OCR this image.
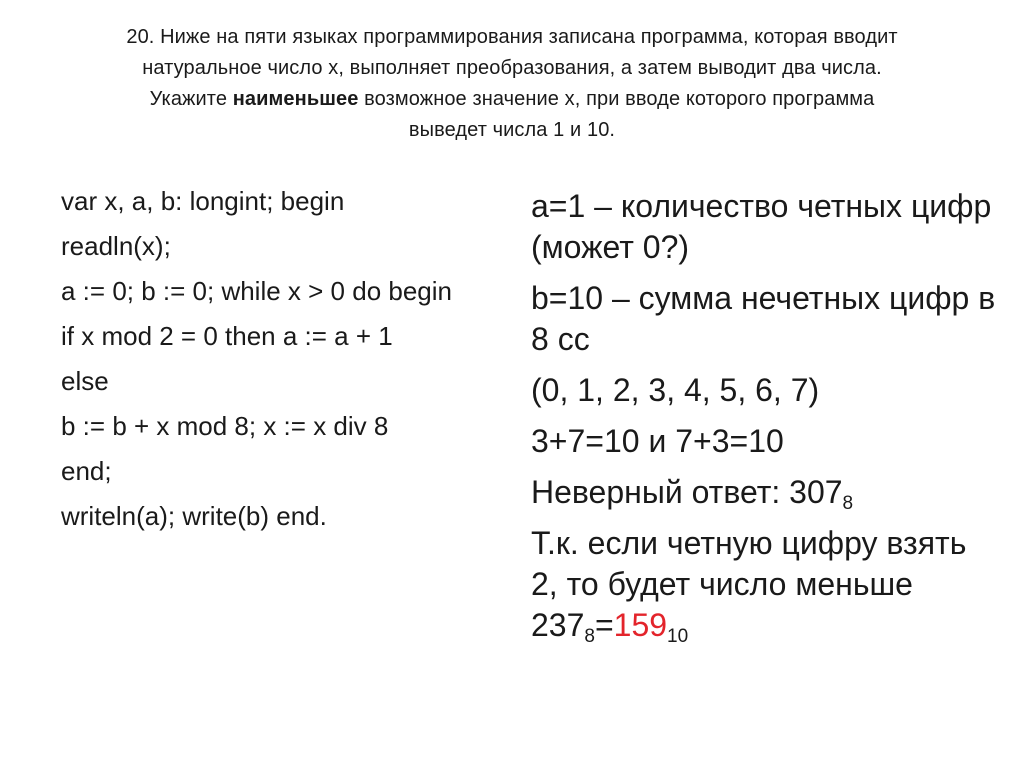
20. Ниже на пяти языках программирования записана программа, которая вводит
натуральное число x, выполняет преобразования, а затем выводит два числа.
Укажите наименьшее возможное значение x, при вводе которого программа
выведет числа 1 и 10.
var x, a, b: longint; begin
readln(x);
a := 0; b := 0; while x > 0 do begin
if x mod 2 = 0 then a := a + 1
else
b := b + x mod 8; x := x div 8
end;
writeln(a); write(b) end.
a=1 – количество четных цифр (может 0?)
b=10 – сумма нечетных цифр в 8 сс
(0, 1, 2, 3, 4, 5, 6, 7)
3+7=10 и 7+3=10
Неверный ответ: $307_8$
Т.к. если четную цифру взять 2, то будет число меньше $237_8=159_{10}$
